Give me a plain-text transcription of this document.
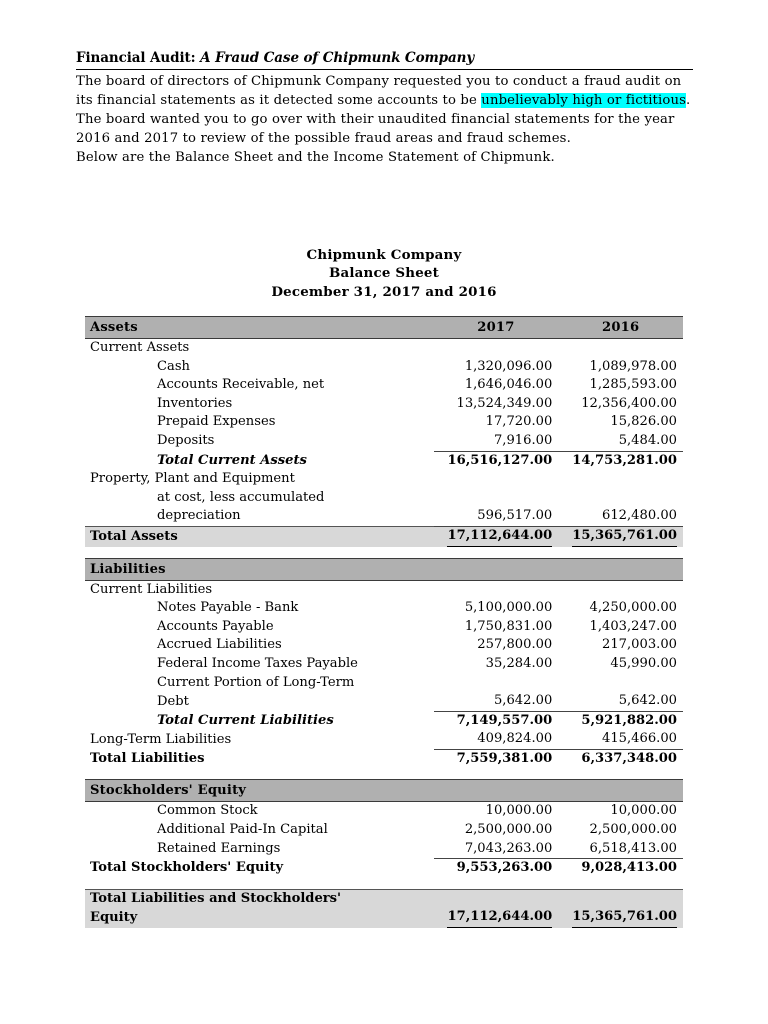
Financial Audit: A Fraud Case of Chipmunk Company
The board of directors of Chipmunk Company requested you to conduct a fraud audit on its financial statements as it detected some accounts to be unbelievably high or fictitious. The board wanted you to go over with their unaudited financial statements for the year 2016 and 2017 to review of the possible fraud areas and fraud schemes.
Below are the Balance Sheet and the Income Statement of Chipmunk.
Chipmunk Company
Balance Sheet
December 31, 2017 and 2016
Assets	2017	2016
Current Assets		
Cash	1,320,096.00	1,089,978.00
Accounts Receivable, net	1,646,046.00	1,285,593.00
Inventories	13,524,349.00	12,356,400.00
Prepaid Expenses	17,720.00	15,826.00
Deposits	7,916.00	5,484.00
Total Current Assets	16,516,127.00	14,753,281.00
Property, Plant and Equipment		
at cost, less accumulated		
depreciation	596,517.00	612,480.00
Total Assets	17,112,644.00	15,365,761.00

Liabilities		
Current Liabilities		
Notes Payable - Bank	5,100,000.00	4,250,000.00
Accounts Payable	1,750,831.00	1,403,247.00
Accrued Liabilities	257,800.00	217,003.00
Federal Income Taxes Payable	35,284.00	45,990.00
Current Portion of Long-Term		
Debt	5,642.00	5,642.00
Total Current Liabilities	7,149,557.00	5,921,882.00
Long-Term Liabilities	409,824.00	415,466.00
Total Liabilities	7,559,381.00	6,337,348.00

Stockholders' Equity		
Common Stock	10,000.00	10,000.00
Additional Paid-In Capital	2,500,000.00	2,500,000.00
Retained Earnings	7,043,263.00	6,518,413.00
Total Stockholders' Equity	9,553,263.00	9,028,413.00

Total Liabilities and Stockholders'		
Equity	17,112,644.00	15,365,761.00
